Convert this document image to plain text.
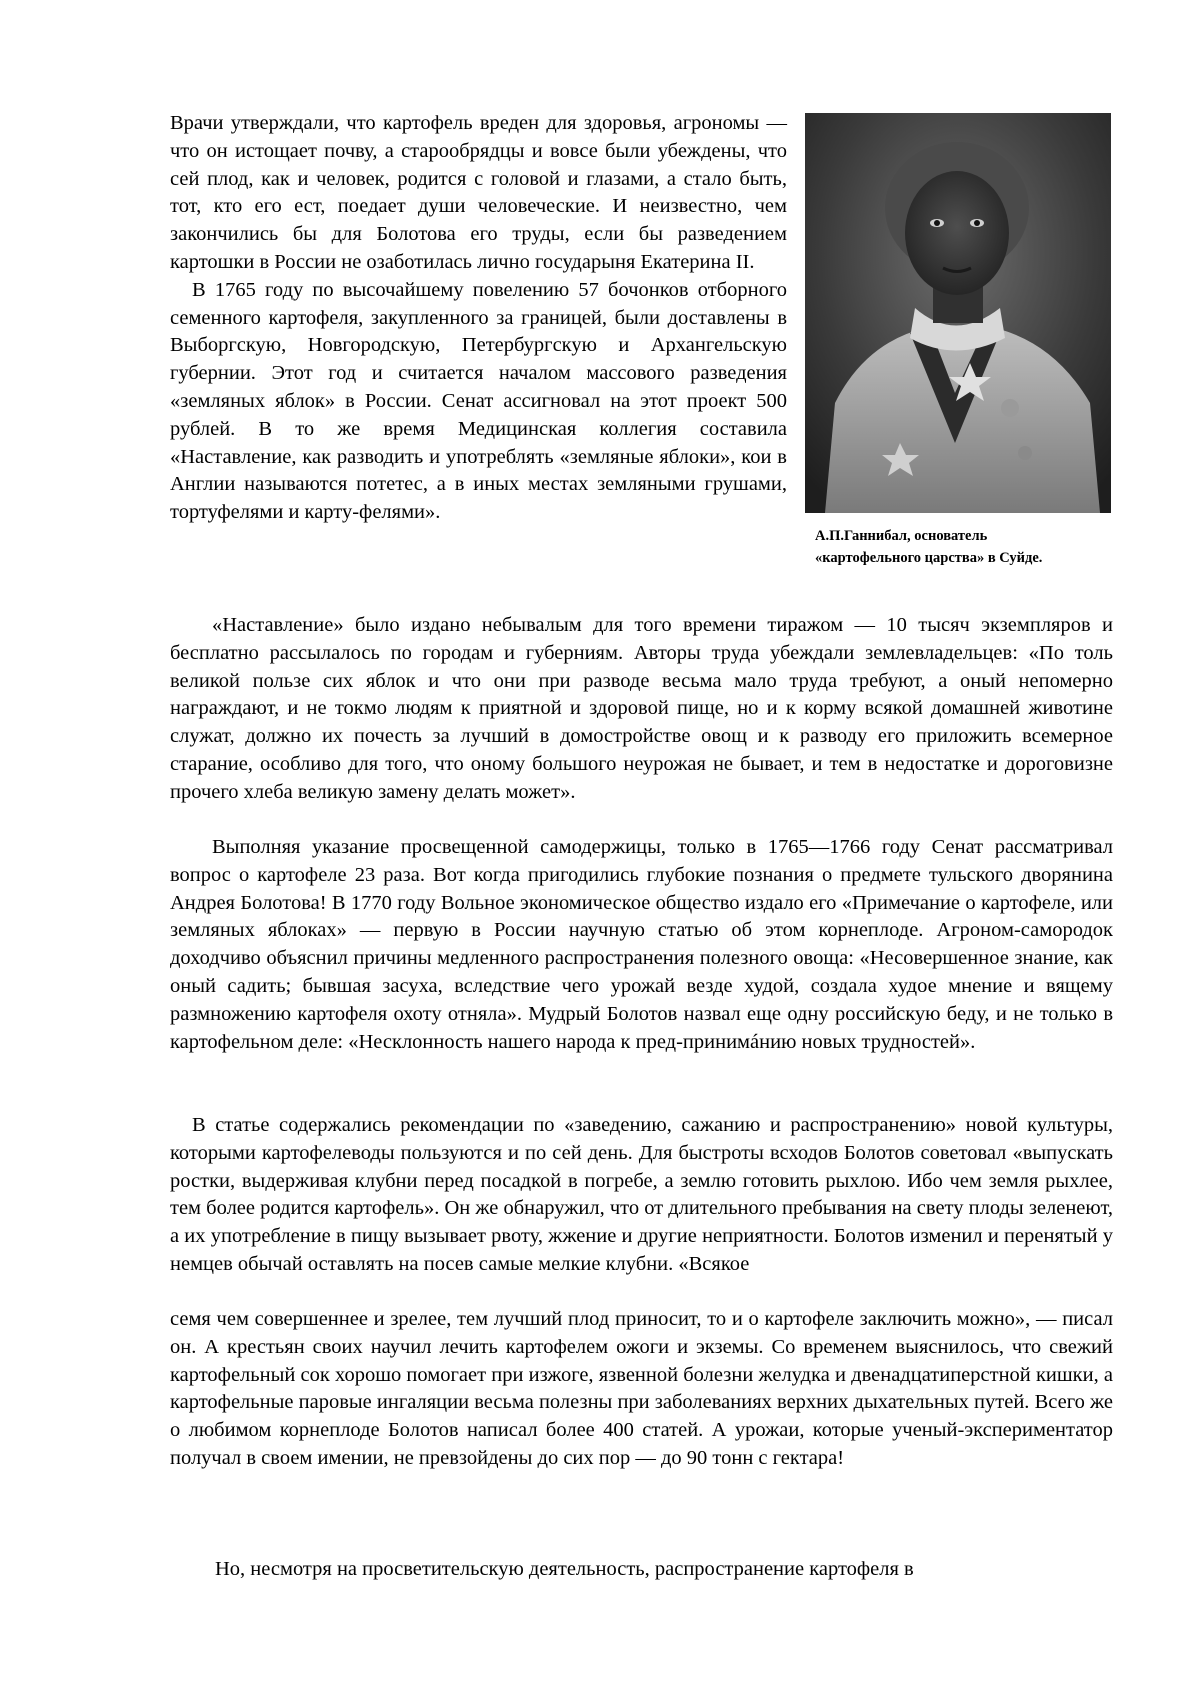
Врачи утверждали, что картофель вреден для здоровья, агрономы — что он истощает почву, а старообрядцы и вовсе были убеждены, что сей плод, как и человек, родится с головой и глазами, а стало быть, тот, кто его ест, поедает души человеческие. И неизвестно, чем закончились бы для Болотова его труды, если бы разведением картошки в России не озаботилась лично государыня Екатерина II.
В 1765 году по высочайшему повелению 57 бочонков отборного семенного картофеля, закупленного за границей, были доставлены в Выборгскую, Новгородскую, Петербургскую и Архангельскую губернии. Этот год и считается началом массового разведения «земляных яблок» в России. Сенат ассигновал на этот проект 500 рублей. В то же время Медицинская коллегия составила «Наставление, как разводить и употреблять «земляные яблоки», кои в Англии называются потетес, а в иных местах земляными грушами, тортуфелями и карту-фелями».

А.П.Ганнибал, основатель
«картофельного царства» в Суйде.

«Наставление» было издано небывалым для того времени тиражом — 10 тысяч экземпляров и бесплатно рассылалось по городам и губерниям. Авторы труда убеждали землевладельцев: «По толь великой пользе сих яблок и что они при разводе весьма мало труда требуют, а оный непомерно награждают, и не токмо людям к приятной и здоровой пище, но и к корму всякой домашней животине служат, должно их почесть за лучший в домостройстве овощ и к разводу его приложить всемерное старание, особливо для того, что оному большого неурожая не бывает, и тем в недостатке и дороговизне прочего хлеба великую замену делать может».

Выполняя указание просвещенной самодержицы, только в 1765—1766 году Сенат рассматривал вопрос о картофеле 23 раза. Вот когда пригодились глубокие познания о предмете тульского дворянина Андрея Болотова! В 1770 году Вольное экономическое общество издало его «Примечание о картофеле, или земляных яблоках» — первую в России научную статью об этом корнеплоде. Агроном-самородок доходчиво объяснил причины медленного распространения полезного овоща: «Несовершенное знание, как оный садить; бывшая засуха, вследствие чего урожай везде худой, создала худое мнение и вящему размножению картофеля охоту отняла». Мудрый Болотов назвал еще одну российскую беду, и не только в картофельном деле: «Несклонность нашего народа к пред-принимáнию новых трудностей».

В статье содержались рекомендации по «заведению, сажанию и распространению» новой культуры, которыми картофелеводы пользуются и по сей день. Для быстроты всходов Болотов советовал «выпускать ростки, выдерживая клубни перед посадкой в погребе, а землю готовить рыхлою. Ибо чем земля рыхлее, тем более родится картофель». Он же обнаружил, что от длительного пребывания на свету плоды зеленеют, а их употребление в пищу вызывает рвоту, жжение и другие неприятности. Болотов изменил и перенятый у немцев обычай оставлять на посев самые мелкие клубни. «Всякое

семя чем совершеннее и зрелее, тем лучший плод приносит, то и о картофеле заключить можно», — писал он. А крестьян своих научил лечить картофелем ожоги и экземы. Со временем выяснилось, что свежий картофельный сок хорошо помогает при изжоге, язвенной болезни желудка и двенадцатиперстной кишки, а картофельные паровые ингаляции весьма полезны при заболеваниях верхних дыхательных путей. Всего же о любимом корнеплоде Болотов написал более 400 статей. А урожаи, которые ученый-экспериментатор получал в своем имении, не превзойдены до сих пор — до 90 тонн с гектара!

Но, несмотря на просветительскую деятельность, распространение картофеля в
